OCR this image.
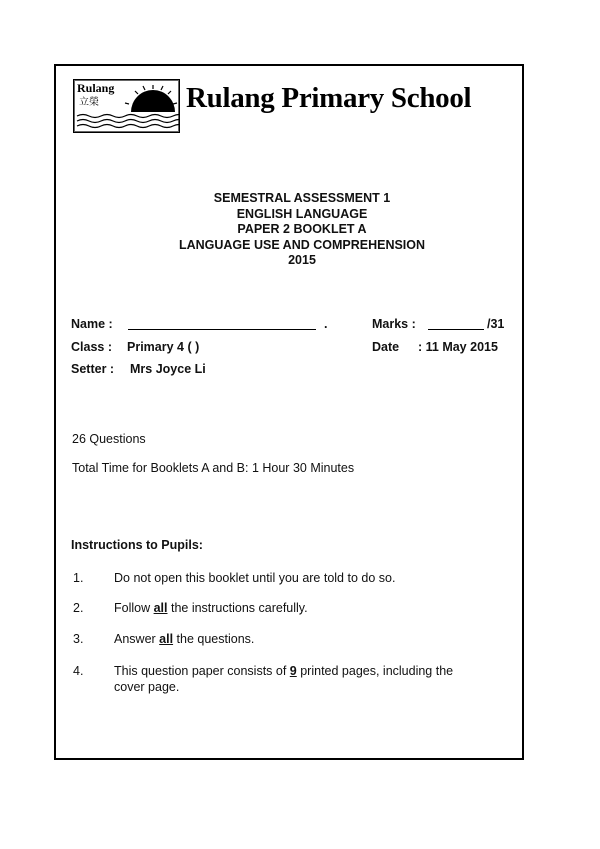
Rulang
立榮	Rulang Primary School
SEMESTRAL ASSESSMENT 1
ENGLISH LANGUAGE
PAPER 2 BOOKLET A
LANGUAGE USE AND COMPREHENSION
2015
Name :	.
Class : Primary 4 ( )
Setter : Mrs Joyce Li
Marks :	/31
Date : 11 May 2015
26 Questions
Total Time for Booklets A and B: 1 Hour 30 Minutes
Instructions to Pupils:
1. Do not open this booklet until you are told to do so.
2. Follow all the instructions carefully.
3. Answer all the questions.
4. This question paper consists of 9 printed pages, including the
cover page.
